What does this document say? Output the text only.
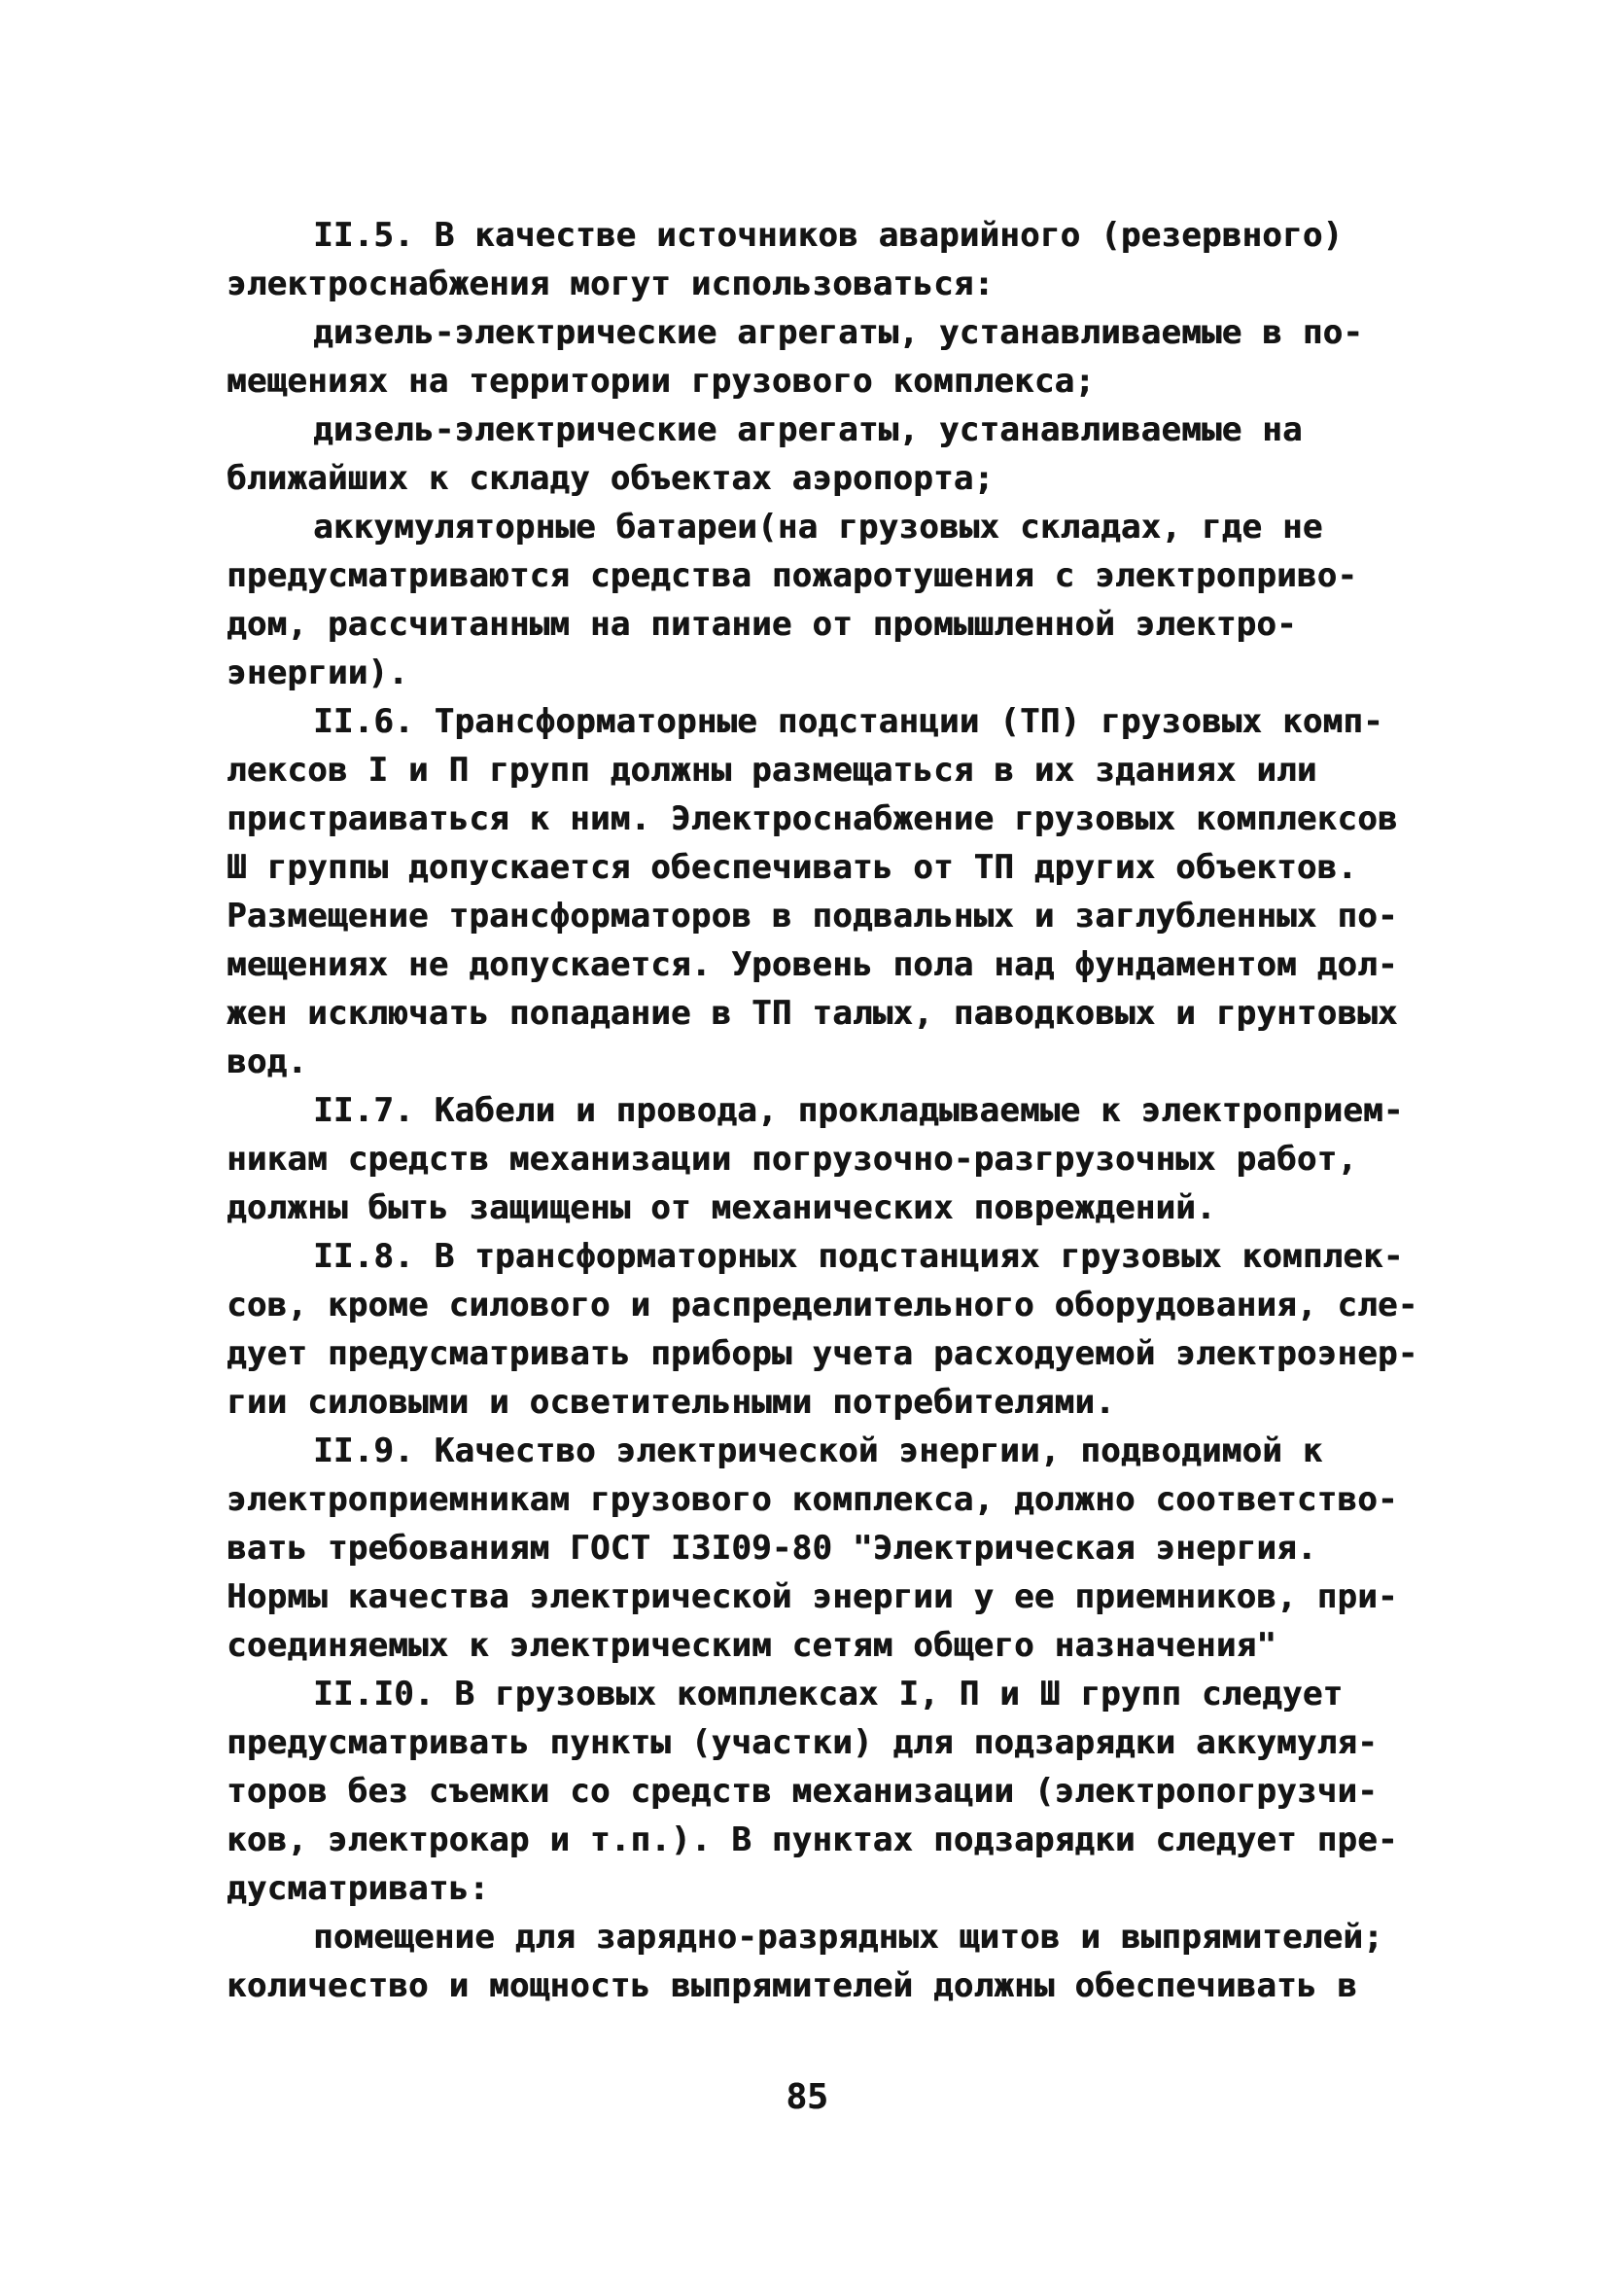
II.5. В качестве источников аварийного (резервного)
электроснабжения могут использоваться:
дизель-электрические агрегаты, устанавливаемые в по-
мещениях на территории грузового комплекса;
дизель-электрические агрегаты, устанавливаемые на
ближайших к складу объектах аэропорта;
аккумуляторные батареи(на грузовых складах, где не
предусматриваются средства пожаротушения с электроприво-
дом, рассчитанным на питание от промышленной электро-
энергии).
II.6. Трансформаторные подстанции (ТП) грузовых комп-
лексов I и П групп должны размещаться в их зданиях или
пристраиваться к ним. Электроснабжение грузовых комплексов
Ш группы допускается обеспечивать от ТП других объектов.
Размещение трансформаторов в подвальных и заглубленных по-
мещениях не допускается. Уровень пола над фундаментом дол-
жен исключать попадание в ТП талых, паводковых и грунтовых
вод.
II.7. Кабели и провода, прокладываемые к электроприем-
никам средств механизации погрузочно-разгрузочных работ,
должны быть защищены от механических повреждений.
II.8. В трансформаторных подстанциях грузовых комплек-
сов, кроме силового и распределительного оборудования, сле-
дует предусматривать приборы учета расходуемой электроэнер-
гии силовыми и осветительными потребителями.
II.9. Качество электрической энергии, подводимой к
электроприемникам грузового комплекса, должно соответство-
вать требованиям ГОСТ I3I09-80 "Электрическая энергия.
Нормы качества электрической энергии у ее приемников, при-
соединяемых к электрическим сетям общего назначения"
II.I0. В грузовых комплексах I, П и Ш групп следует
предусматривать пункты (участки) для подзарядки аккумуля-
торов без съемки со средств механизации (электропогрузчи-
ков, электрокар и т.п.). В пунктах подзарядки следует пре-
дусматривать:
помещение для зарядно-разрядных щитов и выпрямителей;
количество и мощность выпрямителей должны обеспечивать в
85
